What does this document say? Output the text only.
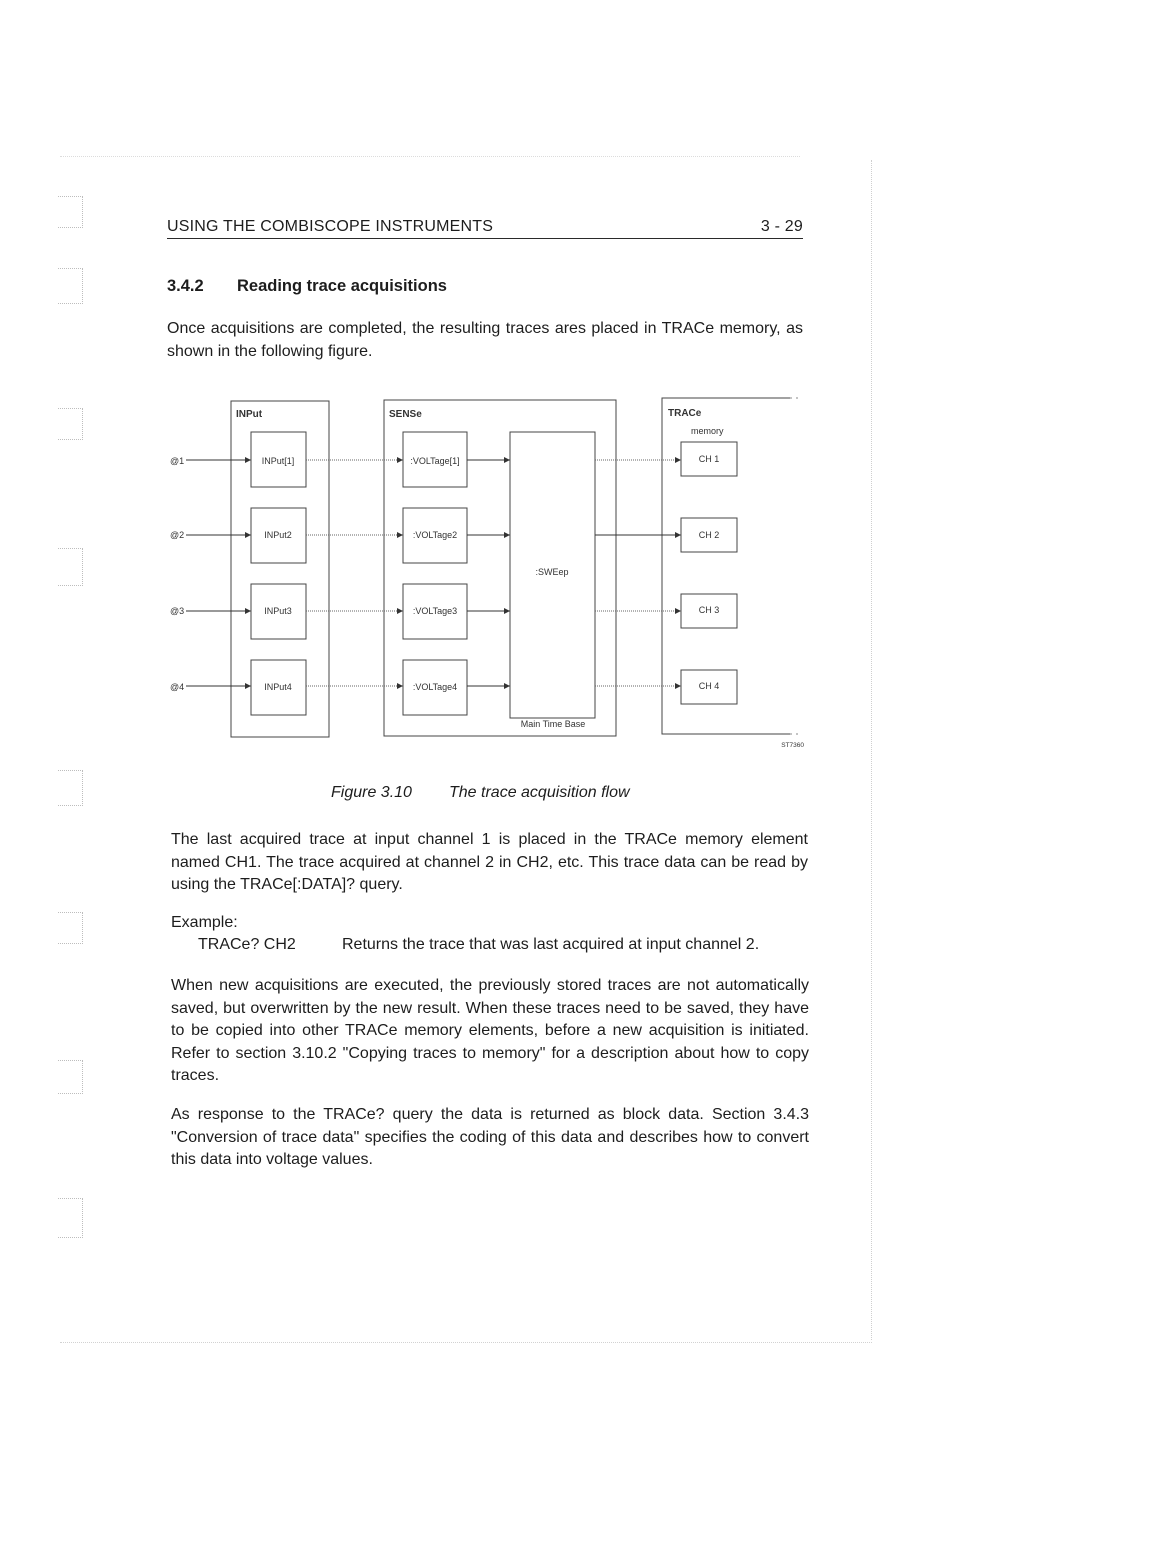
USING THE COMBISCOPE INSTRUMENTS	3 - 29
3.4.2 Reading trace acquisitions
Once acquisitions are completed, the resulting traces ares placed in TRACe memory, as shown in the following figure.
INPut	SENSe	TRACe
memory
:SWEep
Main Time Base
@1	INPut[1]	:VOLTage[1]	CH 1
@2	INPut2	:VOLTage2	CH 2
@3	INPut3	:VOLTage3	CH 3
@4	INPut4	:VOLTage4	CH 4
ST7360
Figure 3.10 The trace acquisition flow
The last acquired trace at input channel 1 is placed in the TRACe memory element named CH1. The trace acquired at channel 2 in CH2, etc. This trace data can be read by using the TRACe[:DATA]? query.
Example:
TRACe? CH2	Returns the trace that was last acquired at input channel 2.
When new acquisitions are executed, the previously stored traces are not automatically saved, but overwritten by the new result. When these traces need to be saved, they have to be copied into other TRACe memory elements, before a new acquisition is initiated. Refer to section 3.10.2 "Copying traces to memory" for a description about how to copy traces.
As response to the TRACe? query the data is returned as block data. Section 3.4.3 "Conversion of trace data" specifies the coding of this data and describes how to convert this data into voltage values.
